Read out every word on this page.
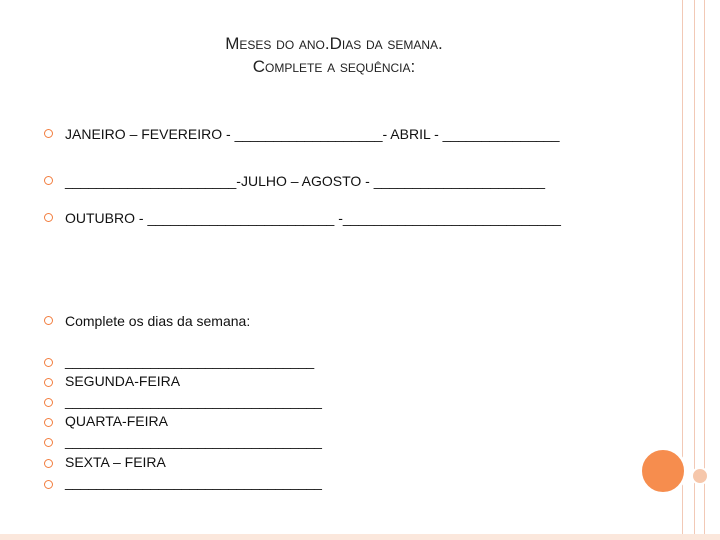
Meses do ano.Dias da semana.
Complete a sequência:
JANEIRO – FEVEREIRO - ___________________- ABRIL - _______________
______________________-JULHO – AGOSTO - ______________________
OUTUBRO - ________________________ -____________________________
Complete os dias da semana:
________________________________
SEGUNDA-FEIRA
_________________________________
QUARTA-FEIRA
_________________________________
SEXTA – FEIRA
_________________________________
